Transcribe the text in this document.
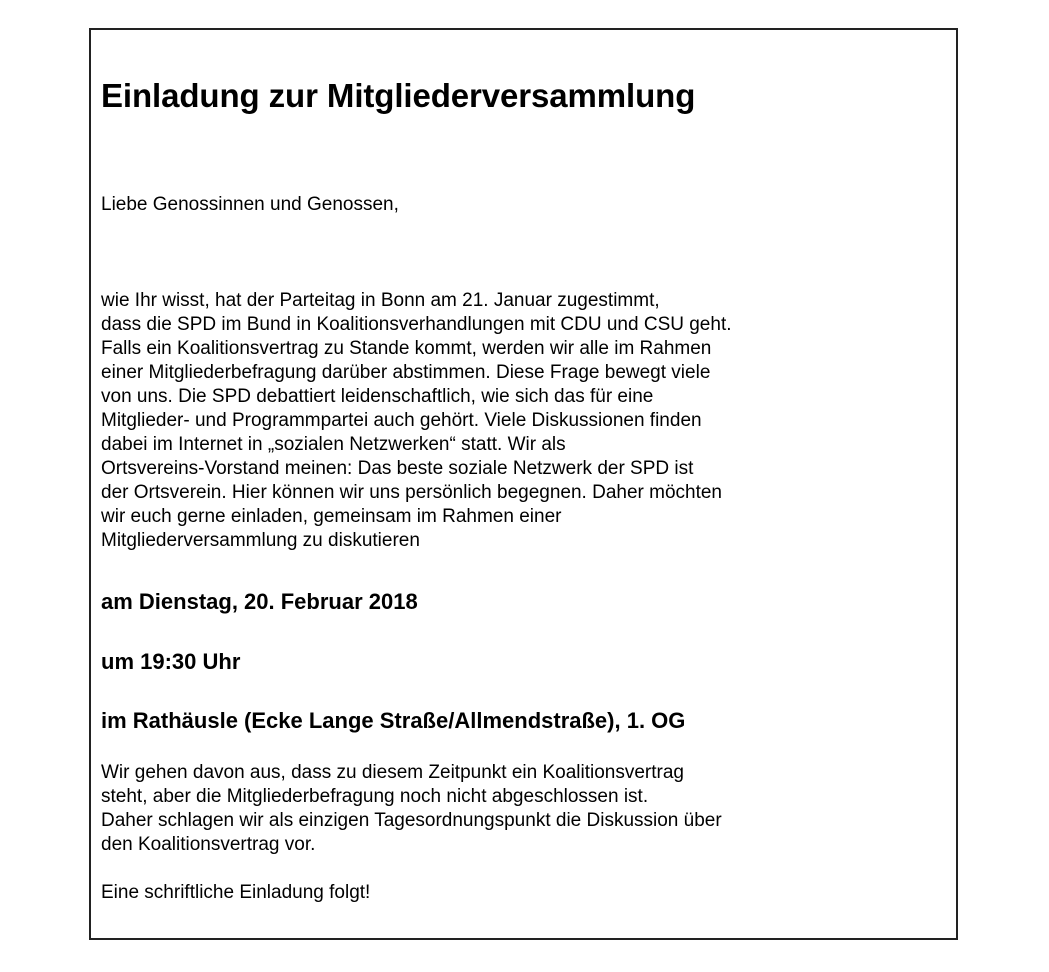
Einladung zur Mitgliederversammlung

Liebe Genossinnen und Genossen,

wie Ihr wisst, hat der Parteitag in Bonn am 21. Januar zugestimmt,
dass die SPD im Bund in Koalitionsverhandlungen mit CDU und CSU geht.
Falls ein Koalitionsvertrag zu Stande kommt, werden wir alle im Rahmen
einer Mitgliederbefragung darüber abstimmen. Diese Frage bewegt viele
von uns. Die SPD debattiert leidenschaftlich, wie sich das für eine
Mitglieder- und Programmpartei auch gehört. Viele Diskussionen finden
dabei im Internet in „sozialen Netzwerken“ statt. Wir als
Ortsvereins-Vorstand meinen: Das beste soziale Netzwerk der SPD ist
der Ortsverein. Hier können wir uns persönlich begegnen. Daher möchten
wir euch gerne einladen, gemeinsam im Rahmen einer
Mitgliederversammlung zu diskutieren

am Dienstag, 20. Februar 2018

um 19:30 Uhr

im Rathäusle (Ecke Lange Straße/Allmendstraße), 1. OG

Wir gehen davon aus, dass zu diesem Zeitpunkt ein Koalitionsvertrag
steht, aber die Mitgliederbefragung noch nicht abgeschlossen ist.
Daher schlagen wir als einzigen Tagesordnungspunkt die Diskussion über
den Koalitionsvertrag vor.

Eine schriftliche Einladung folgt!
